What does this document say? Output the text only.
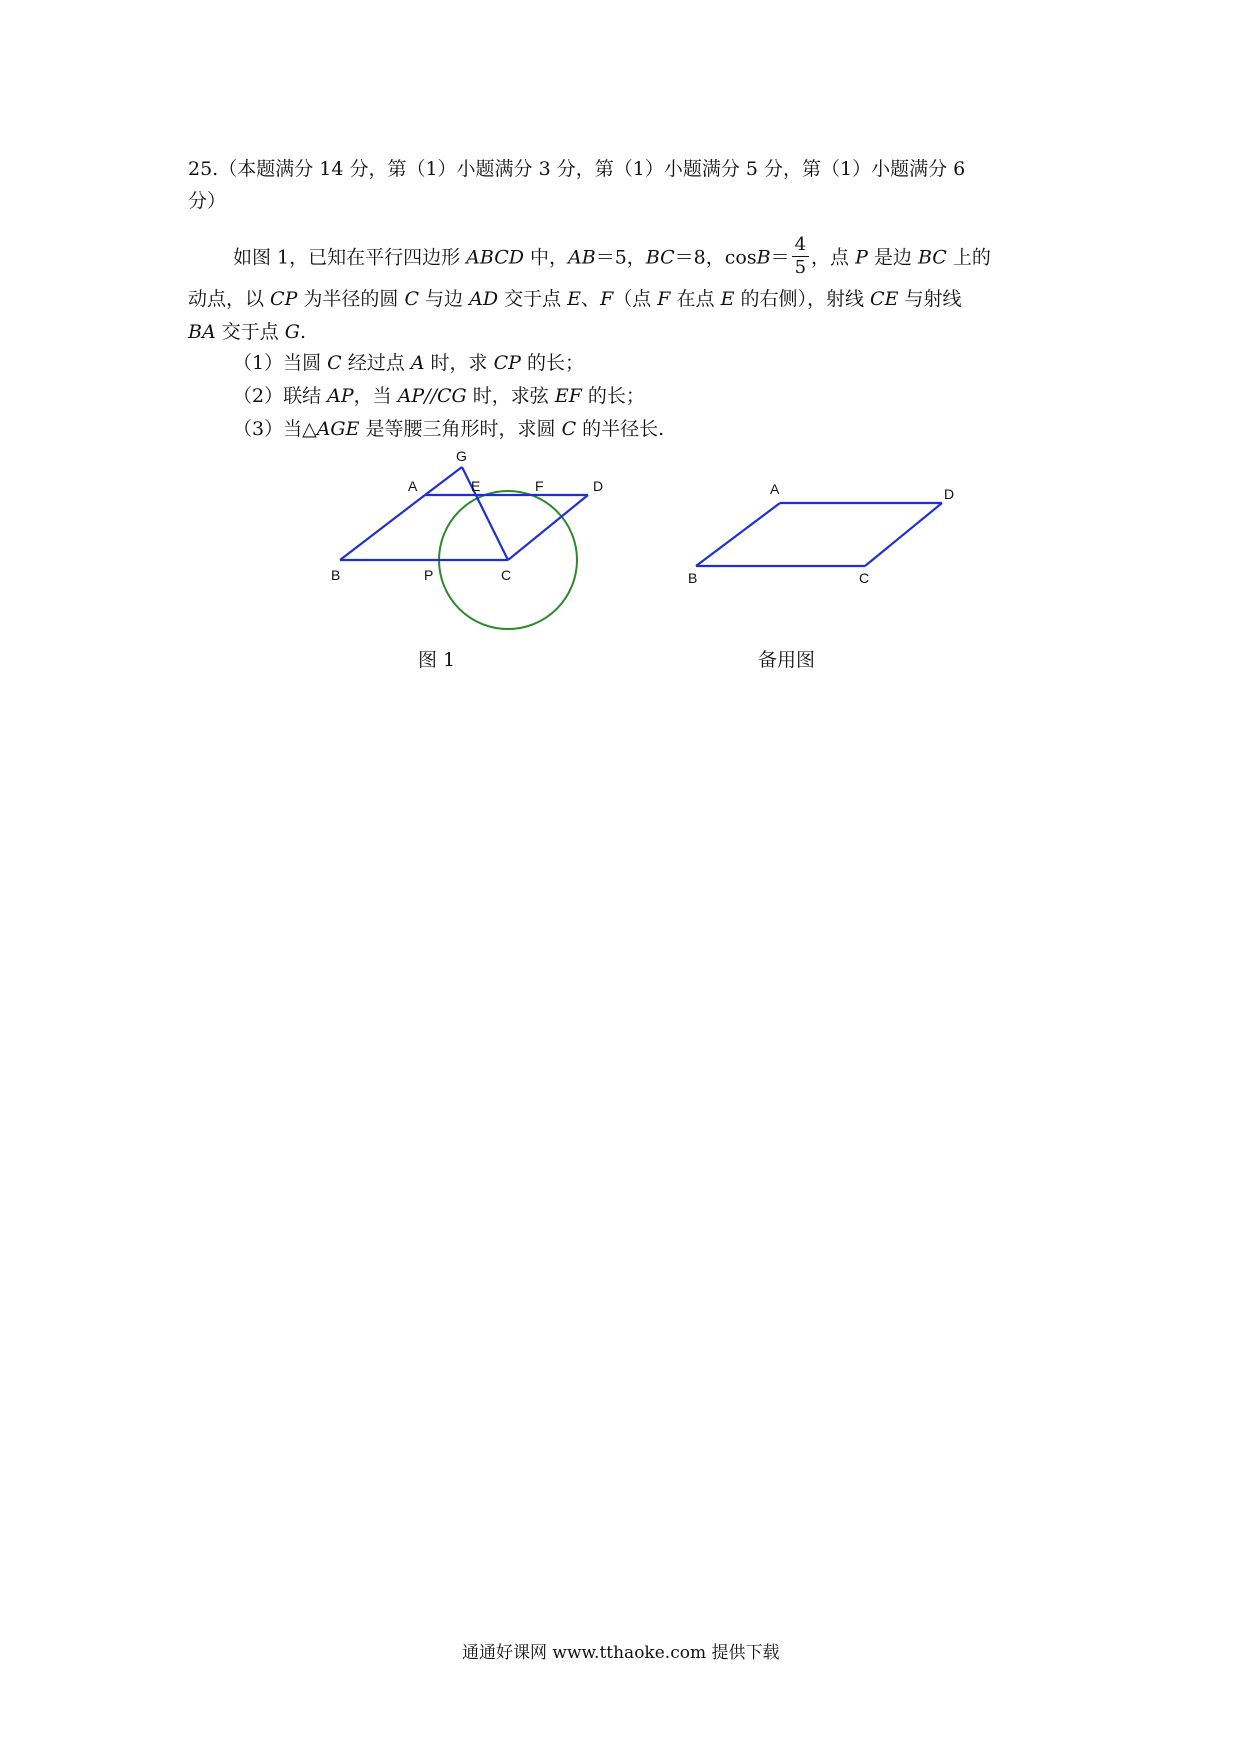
25.（本题满分 14 分，第（1）小题满分 3 分，第（1）小题满分 5 分，第（1）小题满分 6
分）
如图 1，已知在平行四边形 ABCD 中，AB＝5，BC＝8，$\cos B= \frac{4}{5}$ ，点 P 是边 BC 上的
动点，以 CP 为半径的圆 C 与边 AD 交于点 E、F（点 F 在点 E 的右侧），射线 CE 与射线
BA 交于点 G.
（1）当圆 C 经过点 A 时，求 CP 的长；
（2）联结 AP，当 AP//CG 时，求弦 EF 的长；
（3）当△AGE 是等腰三角形时，求圆 C 的半径长.
G
A	E	F	D
B	P	C
图 1
A	D
B	C
备用图
通通好课网 www.tthaoke.com 提供下载
